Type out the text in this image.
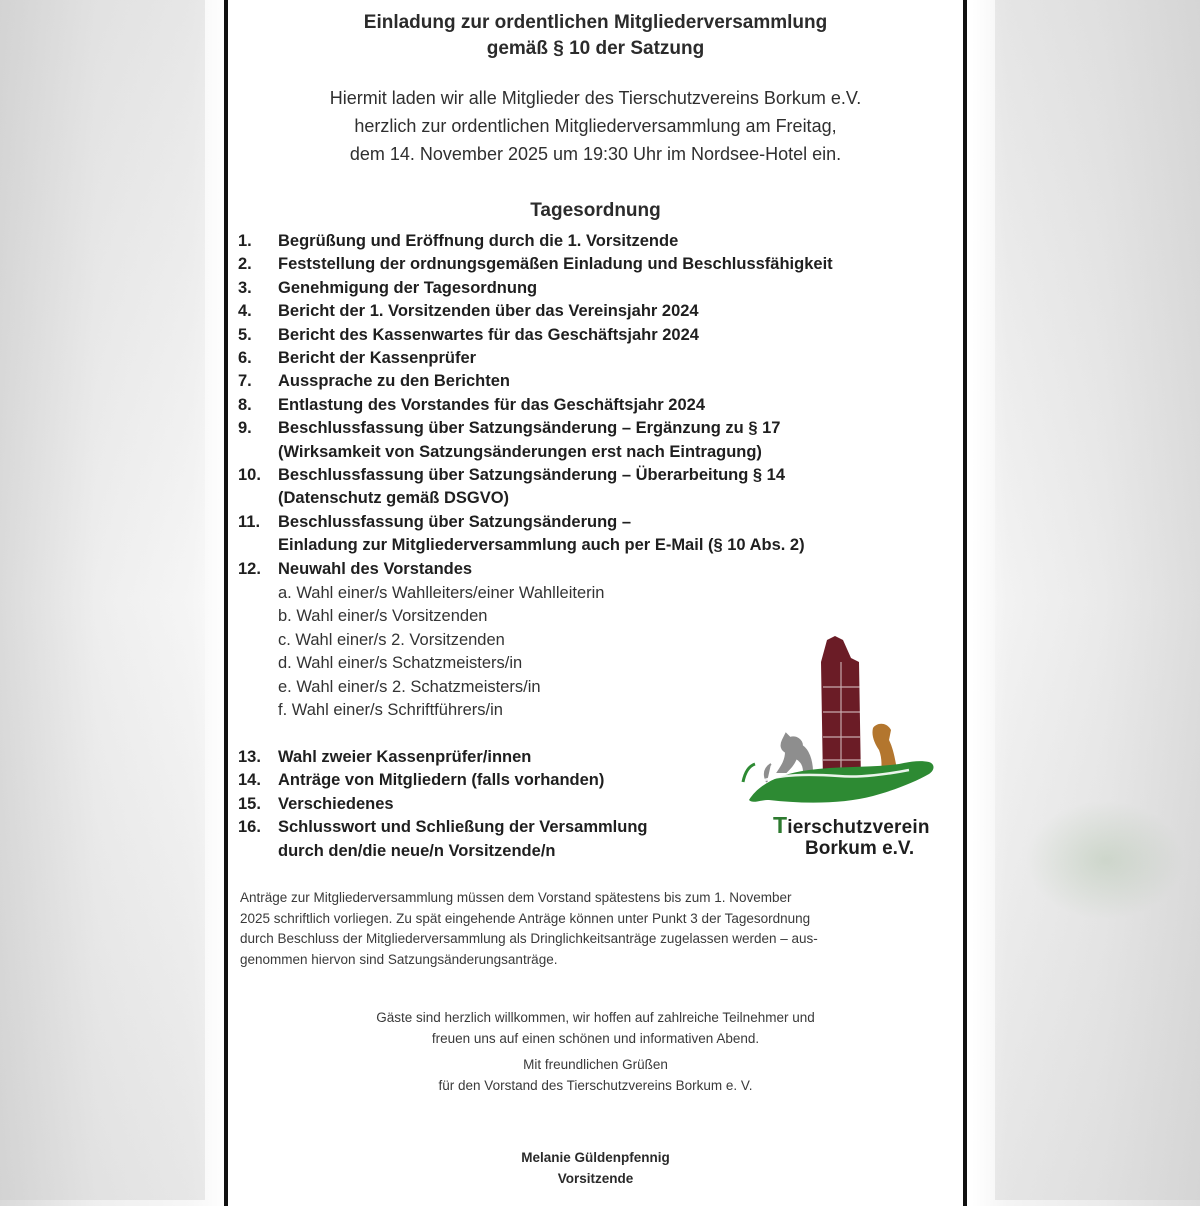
Einladung zur ordentlichen Mitgliederversammlung
gemäß § 10 der Satzung
Hiermit laden wir alle Mitglieder des Tierschutzvereins Borkum e.V.
herzlich zur ordentlichen Mitgliederversammlung am Freitag,
dem 14. November 2025 um 19:30 Uhr im Nordsee-Hotel ein.
Tagesordnung
1.	Begrüßung und Eröffnung durch die 1. Vorsitzende
2.	Feststellung der ordnungsgemäßen Einladung und Beschlussfähigkeit
3.	Genehmigung der Tagesordnung
4.	Bericht der 1. Vorsitzenden über das Vereinsjahr 2024
5.	Bericht des Kassenwartes für das Geschäftsjahr 2024
6.	Bericht der Kassenprüfer
7.	Aussprache zu den Berichten
8.	Entlastung des Vorstandes für das Geschäftsjahr 2024
9.	Beschlussfassung über Satzungsänderung – Ergänzung zu § 17
(Wirksamkeit von Satzungsänderungen erst nach Eintragung)
10.	Beschlussfassung über Satzungsänderung – Überarbeitung § 14
(Datenschutz gemäß DSGVO)
11.	Beschlussfassung über Satzungsänderung –
Einladung zur Mitgliederversammlung auch per E-Mail (§ 10 Abs. 2)
12.	Neuwahl des Vorstandes
a. Wahl einer/s Wahlleiters/einer Wahlleiterin
b. Wahl einer/s Vorsitzenden
c. Wahl einer/s 2. Vorsitzenden
d. Wahl einer/s Schatzmeisters/in
e. Wahl einer/s 2. Schatzmeisters/in
f. Wahl einer/s Schriftführers/in
13.	Wahl zweier Kassenprüfer/innen
14.	Anträge von Mitgliedern (falls vorhanden)
15.	Verschiedenes
16.	Schlusswort und Schließung der Versammlung
durch den/die neue/n Vorsitzende/n
Tierschutzverein
Borkum e.V.
Anträge zur Mitgliederversammlung müssen dem Vorstand spätestens bis zum 1. November
2025 schriftlich vorliegen. Zu spät eingehende Anträge können unter Punkt 3 der Tagesordnung
durch Beschluss der Mitgliederversammlung als Dringlichkeitsanträge zugelassen werden – aus-
genommen hiervon sind Satzungsänderungsanträge.
Gäste sind herzlich willkommen, wir hoffen auf zahlreiche Teilnehmer und
freuen uns auf einen schönen und informativen Abend.
Mit freundlichen Grüßen
für den Vorstand des Tierschutzvereins Borkum e. V.
Melanie Güldenpfennig
Vorsitzende
